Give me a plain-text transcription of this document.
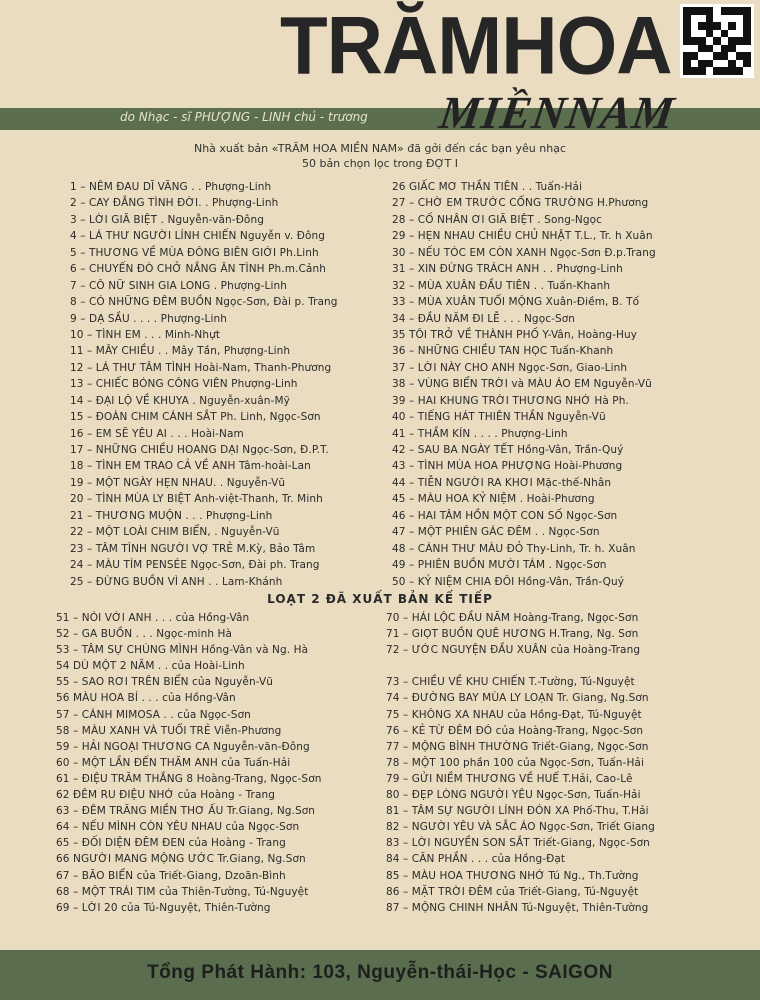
TRĂMHOA
do Nhạc - sĩ PHƯỢNG - LINH chủ - trương MIỀNNAM
Nhà xuất bản «TRĂM HOA MIỀN NAM» đã gởi đến các bạn yêu nhạc
50 bản chọn lọc trong ĐỢT I
1 – NÊM ĐAU DĨ VÃNG . . Phượng-Linh
2 – CAY ĐẮNG TÌNH ĐỜI. . Phượng-Linh
3 – LỜI GIÃ BIỆT . Nguyễn-văn-Đông
4 – LÁ THƯ NGƯỜI LÍNH CHIẾN Nguyễn v. Đông
5 – THƯƠNG VỀ MÙA ĐÔNG BIÊN GIỚI Ph.Linh
6 – CHUYẾN ĐÒ CHỞ NẮNG ÂN TÌNH Ph.m.Cảnh
7 – CÔ NỮ SINH GIA LONG . Phượng-Linh
8 – CÓ NHỮNG ĐÊM BUỒN Ngọc-Sơn, Đài p. Trang
9 – DẠ SẦU . . . . Phượng-Linh
10 – TÌNH EM . . . Minh-Nhựt
11 – MÂY CHIỀU . . Mây Tần, Phượng-Linh
12 – LÁ THƯ TÂM TÌNH Hoài-Nam, Thanh-Phương
13 – CHIẾC BÓNG CÔNG VIÊN Phượng-Linh
14 – ĐẠI LỘ VỀ KHUYA . Nguyễn-xuân-Mỹ
15 – ĐOÀN CHIM CÁNH SẮT Ph. Linh, Ngọc-Sơn
16 – EM SẼ YÊU AI . . . Hoài-Nam
17 – NHỮNG CHIỀU HOANG DẠI Ngọc-Sơn, Đ.P.T.
18 – TÌNH EM TRAO CẢ VỀ ANH Tâm-hoài-Lan
19 – MỘT NGÀY HẸN NHAU. . Nguyễn-Vũ
20 – TÌNH MÙA LY BIỆT Anh-việt-Thanh, Tr. Minh
21 – THƯƠNG MUỘN . . . Phượng-Linh
22 – MỘT LOÀI CHIM BIỂN, . Nguyễn-Vũ
23 – TÂM TÌNH NGƯỜI VỢ TRẺ M.Kỳ, Bảo Tâm
24 – MÀU TÍM PENSÉE Ngọc-Sơn, Đài ph. Trang
25 – ĐỪNG BUỒN VÌ ANH . . Lam-Khánh
26 GIẤC MƠ THẦN TIÊN . . Tuấn-Hải
27 – CHỜ EM TRƯỚC CỔNG TRƯỜNG H.Phương
28 – CỐ NHÂN ƠI GIÃ BIỆT . Song-Ngọc
29 – HẸN NHAU CHIỀU CHỦ NHẬT T.L., Tr. h Xuân
30 – NẾU TÓC EM CÒN XANH Ngọc-Sơn Đ.p.Trang
31 – XIN ĐỪNG TRÁCH ANH . . Phượng-Linh
32 – MÙA XUÂN ĐẦU TIÊN . . Tuấn-Khanh
33 – MÙA XUÂN TUỔI MỘNG Xuân-Điềm, B. Tố
34 – ĐẦU NĂM ĐI LỄ . . . Ngọc-Sơn
35 TÔI TRỞ VỀ THÀNH PHỐ Y-Vân, Hoàng-Huy
36 – NHỮNG CHIỀU TAN HỌC Tuấn-Khanh
37 – LỜI NÀY CHO ANH Ngọc-Sơn, Giao-Linh
38 – VÙNG BIỂN TRỜI và MÀU ÁO EM Nguyễn-Vũ
39 – HAI KHUNG TRỜI THƯƠNG NHỚ Hà Ph.
40 – TIẾNG HÁT THIÊN THẦN Nguyễn-Vũ
41 – THẦM KÍN . . . . Phượng-Linh
42 – SAU BA NGÀY TẾT Hồng-Vân, Trần-Quý
43 – TÌNH MÙA HOA PHƯỢNG Hoài-Phương
44 – TIỄN NGƯỜI RA KHƠI Mặc-thế-Nhân
45 – MÀU HOA KỶ NIỆM . Hoài-Phương
46 – HAI TÂM HỒN MỘT CON SỐ Ngọc-Sơn
47 – MỘT PHIÊN GÁC ĐÊM . . Ngọc-Sơn
48 – CÁNH THƯ MÀU ĐỎ Thy-Linh, Tr. h. Xuân
49 – PHIÊN BUỒN MƯỜI TÁM . Ngọc-Sơn
50 – KỶ NIỆM CHIA ĐÔI Hồng-Vân, Trần-Quý
LOẠT 2 ĐÃ XUẤT BẢN KẾ TIẾP
51 – NÓI VỚI ANH . . . của Hồng-Vân
52 – GA BUỒN . . . Ngọc-minh Hà
53 – TÂM SỰ CHÚNG MÌNH Hồng-Vân và Ng. Hà
54 DÙ MỘT 2 NĂM . . của Hoài-Linh
55 – SAO RƠI TRÊN BIỂN của Nguyễn-Vũ
56 MÀU HOA BÍ . . . của Hồng-Vân
57 – CÁNH MIMOSA . . của Ngọc-Sơn
58 – MÀU XANH VÀ TUỔI TRẺ Viễn-Phương
59 – HẢI NGOẠI THƯƠNG CA Nguyễn-văn-Đông
60 – MỘT LẦN ĐẾN THĂM ANH của Tuấn-Hải
61 – ĐIỆU TRĂM THẮNG 8 Hoàng-Trang, Ngọc-Sơn
62 ĐÊM RU ĐIỆU NHỚ của Hoàng - Trang
63 – ĐÊM TRĂNG MIỀN THƠ ẤU Tr.Giang, Ng.Sơn
64 – NẾU MÌNH CÒN YÊU NHAU của Ngọc-Sơn
65 – ĐỐI DIỆN ĐÊM ĐEN của Hoàng - Trang
66 NGƯỜI MANG MỘNG ƯỚC Tr.Giang, Ng.Sơn
67 – BÃO BIỂN của Triết-Giang, Dzoãn-Bình
68 – MỘT TRÁI TIM của Thiên-Tường, Tú-Nguyệt
69 – LỜI 20 của Tú-Nguyệt, Thiên-Tường
70 – HÁI LỘC ĐẦU NĂM Hoàng-Trang, Ngọc-Sơn
71 – GIỌT BUỒN QUÊ HƯƠNG H.Trang, Ng. Sơn
72 – ƯỚC NGUYỆN ĐẦU XUÂN của Hoàng-Trang
73 – CHIỀU VỀ KHU CHIẾN T.-Tường, Tú-Nguyệt
74 – ĐƯỜNG BAY MÙA LY LOẠN Tr. Giang, Ng.Sơn
75 – KHÔNG XA NHAU của Hồng-Đạt, Tú-Nguyệt
76 – KẺ TỪ ĐÊM ĐÓ của Hoàng-Trang, Ngọc-Sơn
77 – MỘNG BÌNH THƯỜNG Triết-Giang, Ngọc-Sơn
78 – MỘT 100 phần 100 của Ngọc-Sơn, Tuấn-Hải
79 – GỬI NIỀM THƯƠNG VỀ HUẾ T.Hải, Cao-Lê
80 – ĐẸP LÒNG NGƯỜI YÊU Ngọc-Sơn, Tuấn-Hải
81 – TÂM SỰ NGƯỜI LÍNH ĐÓN XA Phố-Thu, T.Hải
82 – NGƯỜI YÊU VÀ SẮC ÁO Ngọc-Sơn, Triết Giang
83 – LỜI NGUYỀN SON SẮT Triết-Giang, Ngọc-Sơn
84 – CĂN PHẦN . . . của Hồng-Đạt
85 – MÀU HOA THƯƠNG NHỚ Tú Ng., Th.Tường
86 – MẶT TRỜI ĐÊM của Triết-Giang, Tú-Nguyệt
87 – MỘNG CHINH NHÂN Tú-Nguyệt, Thiên-Tường
Tổng Phát Hành: 103, Nguyễn-thái-Học - SAIGON
